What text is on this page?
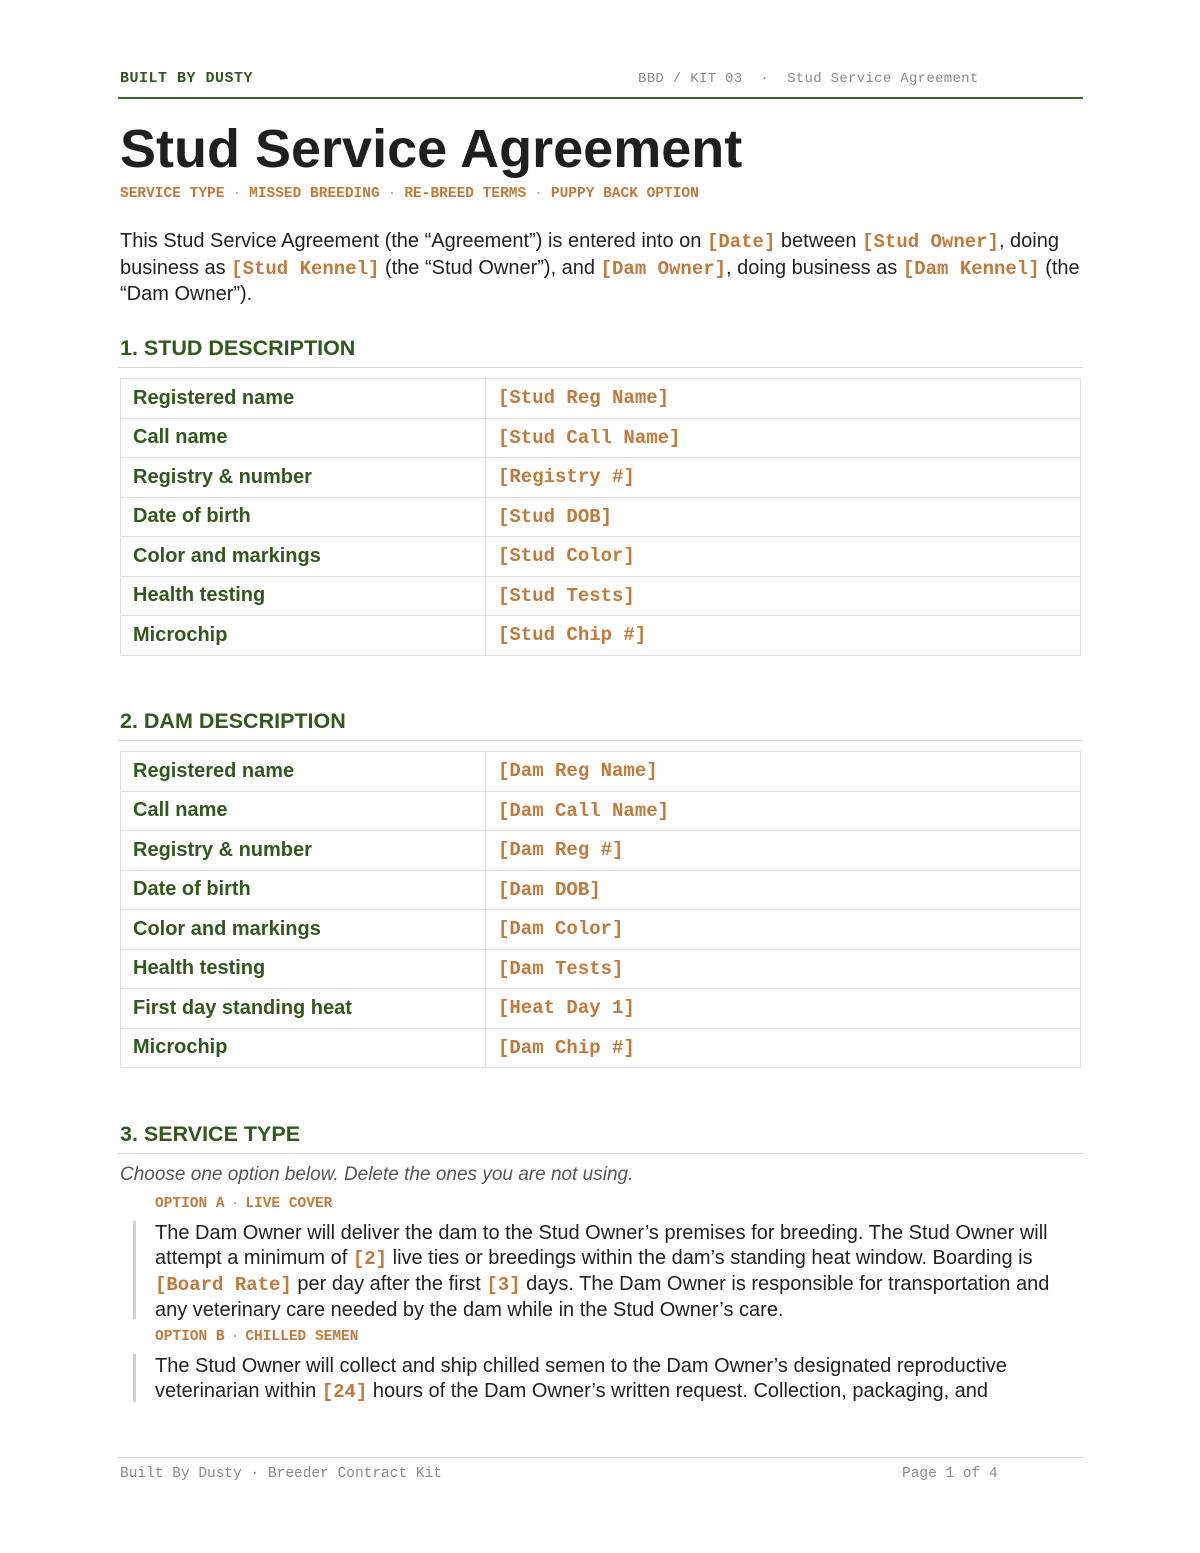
BUILT BY DUSTY	BBD / KIT 03 · Stud Service Agreement
Stud Service Agreement
SERVICE TYPE · MISSED BREEDING · RE-BREED TERMS · PUPPY BACK OPTION

This Stud Service Agreement (the “Agreement”) is entered into on [Date] between [Stud Owner], doing business as [Stud Kennel] (the “Stud Owner”), and [Dam Owner], doing business as [Dam Kennel] (the “Dam Owner”).

1. STUD DESCRIPTION
Registered name	[Stud Reg Name]
Call name	[Stud Call Name]
Registry & number	[Registry #]
Date of birth	[Stud DOB]
Color and markings	[Stud Color]
Health testing	[Stud Tests]
Microchip	[Stud Chip #]
2. DAM DESCRIPTION
Registered name	[Dam Reg Name]
Call name	[Dam Call Name]
Registry & number	[Dam Reg #]
Date of birth	[Dam DOB]
Color and markings	[Dam Color]
Health testing	[Dam Tests]
First day standing heat	[Heat Day 1]
Microchip	[Dam Chip #]
3. SERVICE TYPE
Choose one option below. Delete the ones you are not using.
OPTION A · LIVE COVER

The Dam Owner will deliver the dam to the Stud Owner’s premises for breeding. The Stud Owner will attempt a minimum of [2] live ties or breedings within the dam’s standing heat window. Boarding is [Board Rate] per day after the first [3] days. The Dam Owner is responsible for transportation and any veterinary care needed by the dam while in the Stud Owner’s care.

OPTION B · CHILLED SEMEN

The Stud Owner will collect and ship chilled semen to the Dam Owner’s designated reproductive veterinarian within [24] hours of the Dam Owner’s written request. Collection, packaging, and

Built By Dusty · Breeder Contract Kit	Page 1 of 4
